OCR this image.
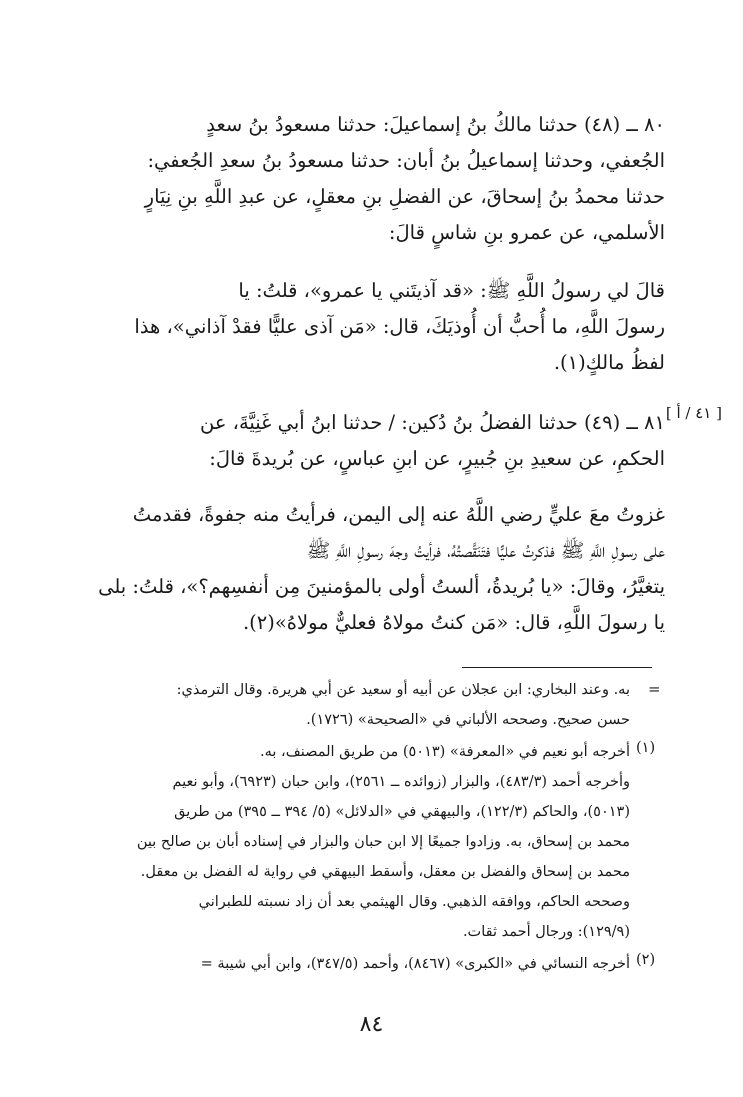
٨٠ ــ (٤٨) حدثنا مالكُ بنُ إسماعيلَ: حدثنا مسعودُ بنُ سعدٍ
الجُعفي، وحدثنا إسماعيلُ بنُ أبان: حدثنا مسعودُ بنُ سعدِ الجُعفي:
حدثنا محمدُ بنُ إسحاقَ، عن الفضلِ بنِ معقلٍ، عن عبدِ اللَّهِ بنِ نِيَارٍ
الأسلمي، عن عمرو بنِ شاسٍ قالَ:
قالَ لي رسولُ اللَّهِ ﷺ: «قد آذيتَني يا عمرو»، قلتُ: يا
رسولَ اللَّهِ، ما أُحبُّ أن أُوذيَكَ، قال: «مَن آذى عليًّا فقدْ آذاني»، هذا
لفظُ مالكٍ(١).
[ ٤١ / أ ]
٨١ ــ (٤٩) حدثنا الفضلُ بنُ دُكين: / حدثنا ابنُ أبي غَنِيَّةَ، عن
الحكمِ، عن سعيدِ بنِ جُبيرٍ، عن ابنِ عباسٍ، عن بُريدةَ قالَ:
غزوتُ معَ عليٍّ رضي اللَّهُ عنه إلى اليمن، فرأيتُ منه جفوةً، فقدمتُ
على رسولِ اللَّهِ ﷺ فذكرتُ عليًّا فتَنَقَّصتُهُ، فرأيتُ وجهَ رسولِ اللَّهِ ﷺ
يتغيَّرُ، وقالَ: «يا بُريدةُ، ألستُ أولى بالمؤمنينَ مِن أنفسِهم؟»، قلتُ: بلى
يا رسولَ اللَّهِ، قال: «مَن كنتُ مولاهُ فعليٌّ مولاهُ»(٢).
=
به. وعند البخاري: ابن عجلان عن أبيه أو سعيد عن أبي هريرة. وقال الترمذي:
حسن صحيح. وصححه الألباني في «الصحيحة» (١٧٢٦).
أخرجه أبو نعيم في «المعرفة» (٥٠١٣) من طريق المصنف، به.
وأخرجه أحمد (٤٨٣/٣)، والبزار (زوائده ــ ٢٥٦١)، وابن حبان (٦٩٢٣)، وأبو نعيم
(٥٠١٣)، والحاكم (١٢٢/٣)، والبيهقي في «الدلائل» (٥/ ٣٩٤ ــ ٣٩٥) من طريق
محمد بن إسحاق، به. وزادوا جميعًا إلا ابن حبان والبزار في إسناده أبان بن صالح بين
محمد بن إسحاق والفضل بن معقل، وأسقط البيهقي في رواية له الفضل بن معقل.
وصححه الحاكم، ووافقه الذهبي. وقال الهيثمي بعد أن زاد نسبته للطبراني
(١٢٩/٩): ورجال أحمد ثقات.
أخرجه النسائي في «الكبرى» (٨٤٦٧)، وأحمد (٣٤٧/٥)، وابن أبي شيبة =
(١)
(٢)
٨٤
